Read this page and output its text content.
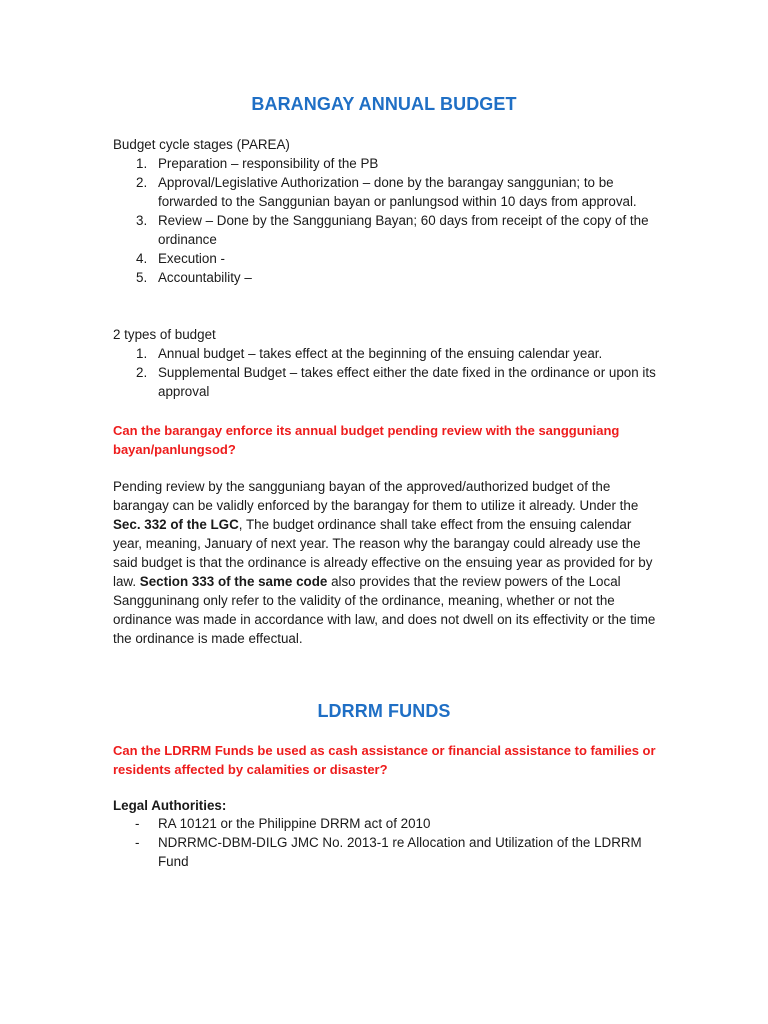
BARANGAY ANNUAL BUDGET

Budget cycle stages (PAREA)

1. Preparation – responsibility of the PB
2. Approval/Legislative Authorization – done by the barangay sanggunian; to be forwarded to the Sanggunian bayan or panlungsod within 10 days from approval.
3. Review – Done by the Sangguniang Bayan; 60 days from receipt of the copy of the ordinance
4. Execution -
5. Accountability –

2 types of budget

1. Annual budget – takes effect at the beginning of the ensuing calendar year.
2. Supplemental Budget – takes effect either the date fixed in the ordinance or upon its approval

Can the barangay enforce its annual budget pending review with the sangguniang bayan/panlungsod?

Pending review by the sangguniang bayan of the approved/authorized budget of the barangay can be validly enforced by the barangay for them to utilize it already. Under the Sec. 332 of the LGC, The budget ordinance shall take effect from the ensuing calendar year, meaning, January of next year. The reason why the barangay could already use the said budget is that the ordinance is already effective on the ensuing year as provided for by law. Section 333 of the same code also provides that the review powers of the Local Sangguninang only refer to the validity of the ordinance, meaning, whether or not the ordinance was made in accordance with law, and does not dwell on its effectivity or the time the ordinance is made effectual.

LDRRM FUNDS

Can the LDRRM Funds be used as cash assistance or financial assistance to families or residents affected by calamities or disaster?

Legal Authorities:

- RA 10121 or the Philippine DRRM act of 2010
- NDRRMC-DBM-DILG JMC No. 2013-1 re Allocation and Utilization of the LDRRM Fund
